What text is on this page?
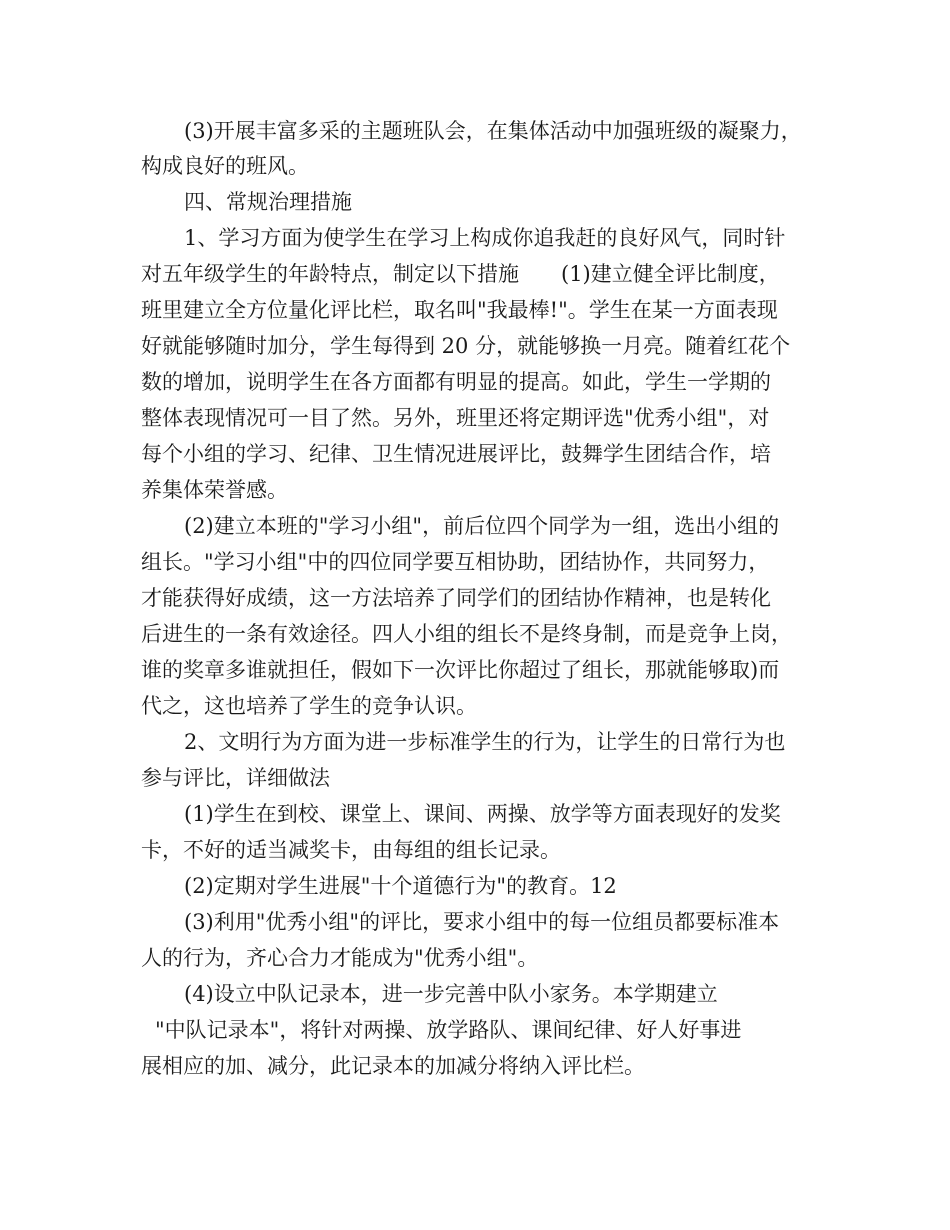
(3)开展丰富多采的主题班队会，在集体活动中加强班级的凝聚力，
构成良好的班风。
四、常规治理措施
1、学习方面为使学生在学习上构成你追我赶的良好风气，同时针
对五年级学生的年龄特点，制定以下措施　　(1)建立健全评比制度，
班里建立全方位量化评比栏，取名叫"我最棒!"。学生在某一方面表现
好就能够随时加分，学生每得到 20 分，就能够换一月亮。随着红花个
数的增加，说明学生在各方面都有明显的提高。如此，学生一学期的
整体表现情况可一目了然。另外，班里还将定期评选"优秀小组"，对
每个小组的学习、纪律、卫生情况进展评比，鼓舞学生团结合作，培
养集体荣誉感。
(2)建立本班的"学习小组"，前后位四个同学为一组，选出小组的
组长。"学习小组"中的四位同学要互相协助，团结协作，共同努力，
才能获得好成绩，这一方法培养了同学们的团结协作精神，也是转化
后进生的一条有效途径。四人小组的组长不是终身制，而是竞争上岗，
谁的奖章多谁就担任，假如下一次评比你超过了组长，那就能够取)而
代之，这也培养了学生的竞争认识。
2、文明行为方面为进一步标准学生的行为，让学生的日常行为也
参与评比，详细做法
(1)学生在到校、课堂上、课间、两操、放学等方面表现好的发奖
卡，不好的适当减奖卡，由每组的组长记录。
(2)定期对学生进展"十个道德行为"的教育。12
(3)利用"优秀小组"的评比，要求小组中的每一位组员都要标准本
人的行为，齐心合力才能成为"优秀小组"。
(4)设立中队记录本，进一步完善中队小家务。本学期建立
"中队记录本"，将针对两操、放学路队、课间纪律、好人好事进
展相应的加、减分，此记录本的加减分将纳入评比栏。
